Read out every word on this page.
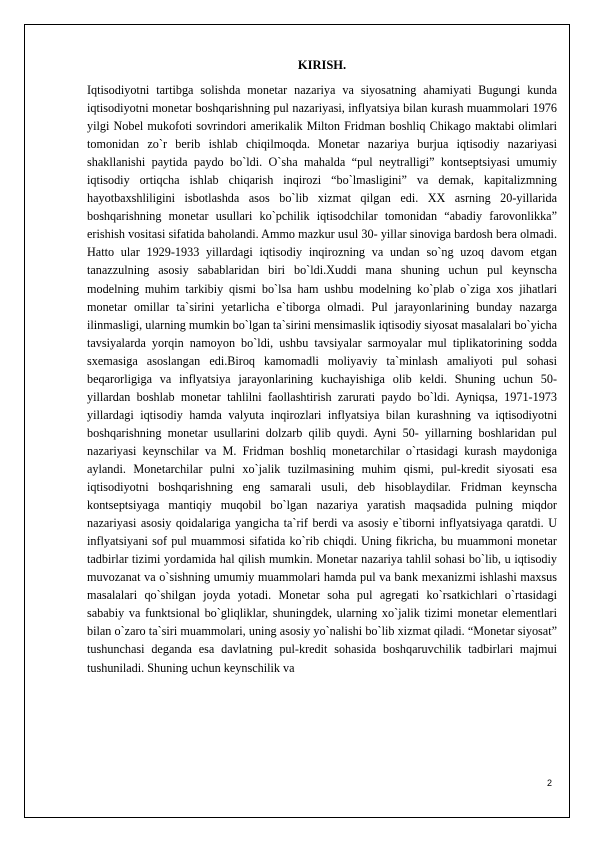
KIRISH.

Iqtisodiyotni tartibga solishda monetar nazariya va siyosatning ahamiyati Bugungi kunda iqtisodiyotni monetar boshqarishning pul nazariyasi, inflyatsiya bilan kurash muammolari 1976 yilgi Nobel mukofoti sovrindori amerikalik Milton Fridman boshliq Chikago maktabi olimlari tomonidan zo`r berib ishlab chiqilmoqda. Monetar nazariya burjua iqtisodiy nazariyasi shakllanishi paytida paydo bo`ldi. O`sha mahalda “pul neytralligi” kontseptsiyasi umumiy iqtisodiy ortiqcha ishlab chiqarish inqirozi “bo`lmasligini” va demak, kapitalizmning hayotbaxshliligini isbotlashda asos bo`lib xizmat qilgan edi. XX asrning 20-yillarida boshqarishning monetar usullari ko`pchilik iqtisodchilar tomonidan “abadiy farovonlikka” erishish vositasi sifatida baholandi. Ammo mazkur usul 30- yillar sinoviga bardosh bera olmadi. Hatto ular 1929-1933 yillardagi iqtisodiy inqirozning va undan so`ng uzoq davom etgan tanazzulning asosiy sabablaridan biri bo`ldi.Xuddi mana shuning uchun pul keynscha modelning muhim tarkibiy qismi bo`lsa ham ushbu modelning ko`plab o`ziga xos jihatlari monetar omillar ta`sirini yetarlicha e`tiborga olmadi. Pul jarayonlarining bunday nazarga ilinmasligi, ularning mumkin bo`lgan ta`sirini mensimaslik iqtisodiy siyosat masalalari bo`yicha tavsiyalarda yorqin namoyon bo`ldi, ushbu tavsiyalar sarmoyalar mul tiplikatorining sodda sxemasiga asoslangan edi.Biroq kamomadli moliyaviy ta`minlash amaliyoti pul sohasi beqarorligiga va inflyatsiya jarayonlarining kuchayishiga olib keldi. Shuning uchun 50-yillardan boshlab monetar tahlilni faollashtirish zarurati paydo bo`ldi. Ayniqsa, 1971-1973 yillardagi iqtisodiy hamda valyuta inqirozlari inflyatsiya bilan kurashning va iqtisodiyotni boshqarishning monetar usullarini dolzarb qilib quydi. Ayni 50- yillarning boshlaridan pul nazariyasi keynschilar va M. Fridman boshliq monetarchilar o`rtasidagi kurash maydoniga aylandi. Monetarchilar pulni xo`jalik tuzilmasining muhim qismi, pul-kredit siyosati esa iqtisodiyotni boshqarishning eng samarali usuli, deb hisoblaydilar. Fridman keynscha kontseptsiyaga mantiqiy muqobil bo`lgan nazariya yaratish maqsadida pulning miqdor nazariyasi asosiy qoidalariga yangicha ta`rif berdi va asosiy e`tiborni inflyatsiyaga qaratdi. U inflyatsiyani sof pul muammosi sifatida ko`rib chiqdi. Uning fikricha, bu muammoni monetar tadbirlar tizimi yordamida hal qilish mumkin. Monetar nazariya tahlil sohasi bo`lib, u iqtisodiy muvozanat va o`sishning umumiy muammolari hamda pul va bank mexanizmi ishlashi maxsus masalalari qo`shilgan joyda yotadi. Monetar soha pul agregati ko`rsatkichlari o`rtasidagi sababiy va funktsional bo`gliqliklar, shuningdek, ularning xo`jalik tizimi monetar elementlari bilan o`zaro ta`siri muammolari, uning asosiy yo`nalishi bo`lib xizmat qiladi. “Monetar siyosat” tushunchasi deganda esa davlatning pul-kredit sohasida boshqaruvchilik tadbirlari majmui tushuniladi. Shuning uchun keynschilik va

2
